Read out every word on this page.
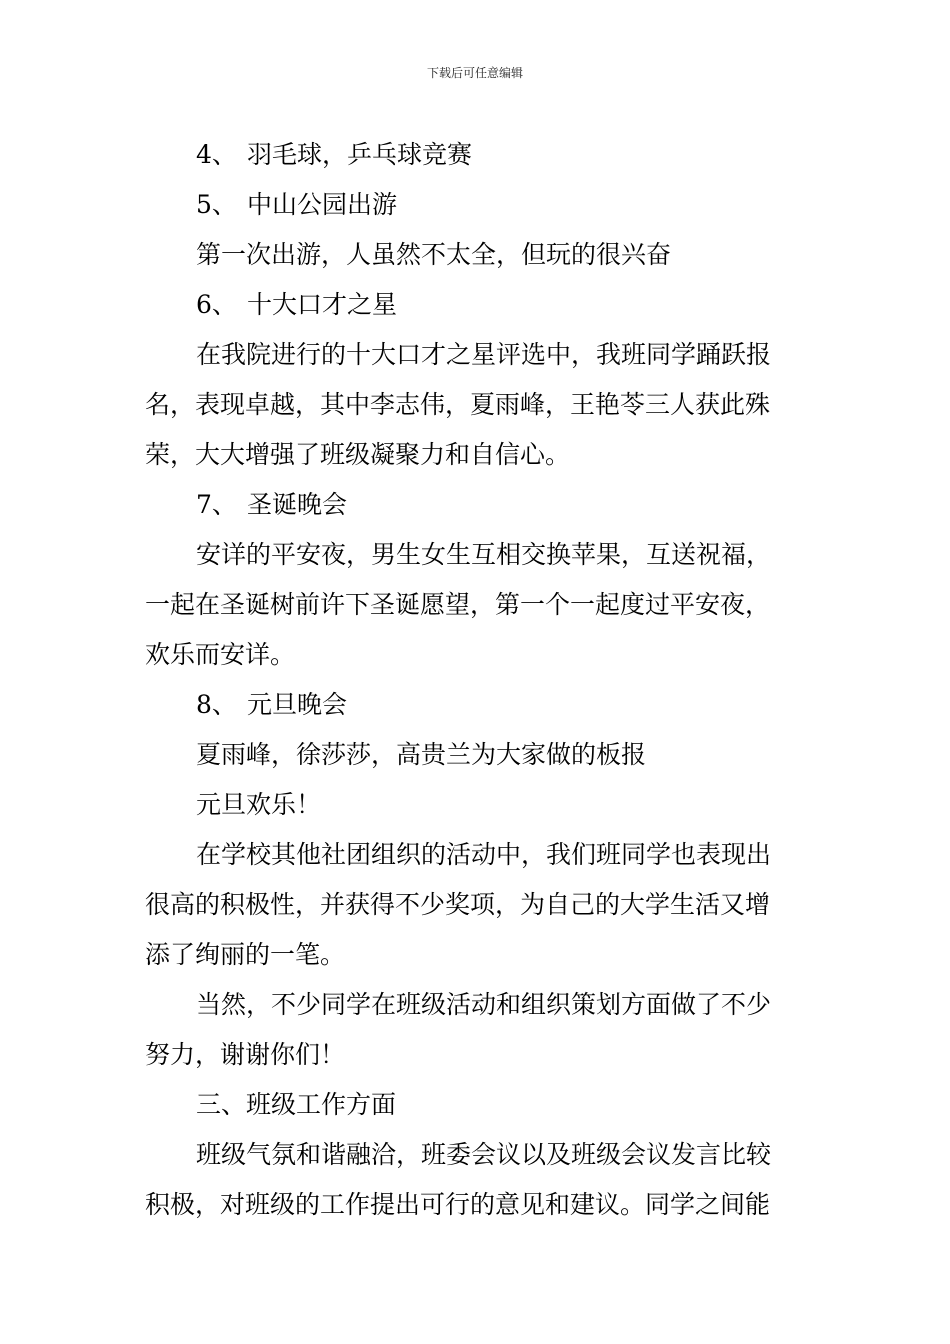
下载后可任意编辑
4、 羽毛球，乒乓球竞赛
5、 中山公园出游
第一次出游，人虽然不太全，但玩的很兴奋
6、 十大口才之星
在我院进行的十大口才之星评选中，我班同学踊跃报
名，表现卓越，其中李志伟，夏雨峰，王艳苓三人获此殊
荣，大大增强了班级凝聚力和自信心。
7、 圣诞晚会
安详的平安夜，男生女生互相交换苹果，互送祝福，
一起在圣诞树前许下圣诞愿望，第一个一起度过平安夜，
欢乐而安详。
8、 元旦晚会
夏雨峰，徐莎莎，高贵兰为大家做的板报
元旦欢乐！
在学校其他社团组织的活动中，我们班同学也表现出
很高的积极性，并获得不少奖项，为自己的大学生活又增
添了绚丽的一笔。
当然，不少同学在班级活动和组织策划方面做了不少
努力，谢谢你们！
三、班级工作方面
班级气氛和谐融洽，班委会议以及班级会议发言比较
积极，对班级的工作提出可行的意见和建议。同学之间能
